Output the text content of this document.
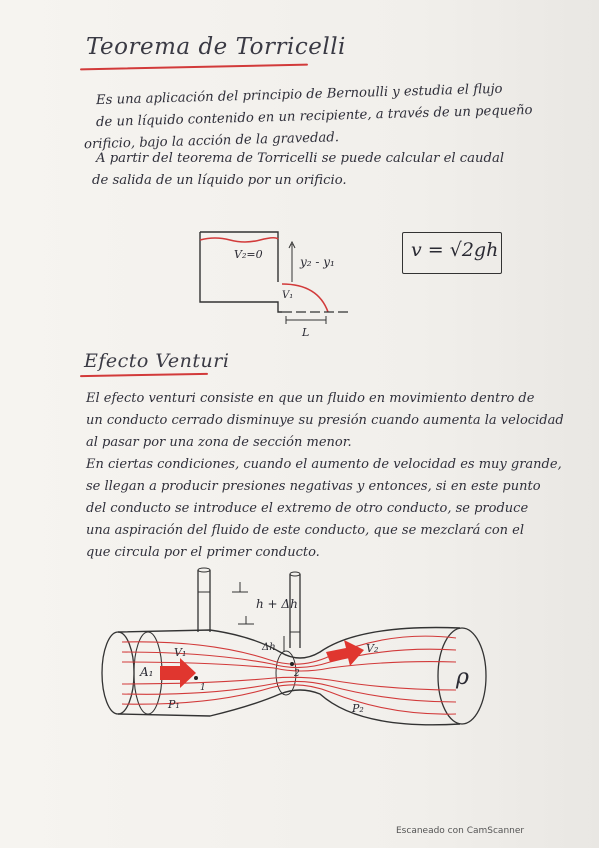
Teorema de Torricelli

Es una aplicación del principio de Bernoulli y estudia el flujo
de un líquido contenido en un recipiente, a través de un pequeño
orificio, bajo la acción de la gravedad.

A partir del teorema de Torricelli se puede calcular el caudal
de salida de un líquido por un orificio.

V₂=0
y₂ - y₁
V₁
L
v = √2gh
Efecto Venturi

El efecto venturi consiste en que un fluido en movimiento dentro de
un conducto cerrado disminuye su presión cuando aumenta la velocidad
al pasar por una zona de sección menor.

En ciertas condiciones, cuando el aumento de velocidad es muy grande,
se llegan a producir presiones negativas y entonces, si en este punto
del conducto se introduce el extremo de otro conducto, se produce
una aspiración del fluido de este conducto, que se mezclará con el
que circula por el primer conducto.

h + Δh
Δh
V₁	V₂
A₁
P₁	P₂
ρ
1
2
Escaneado con CamScanner
